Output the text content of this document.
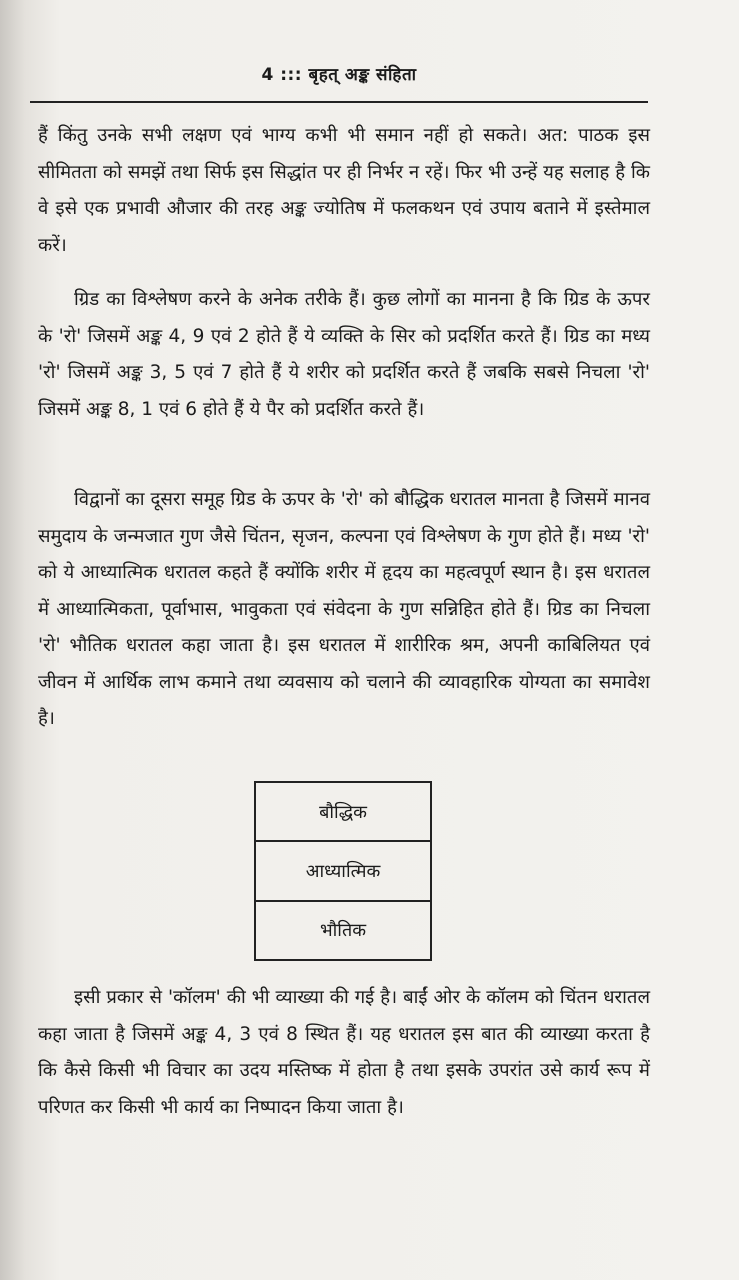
4 ::: बृहत् अङ्क संहिता

हैं किंतु उनके सभी लक्षण एवं भाग्य कभी भी समान नहीं हो सकते। अत: पाठक इस सीमितता को समझें तथा सिर्फ इस सिद्धांत पर ही निर्भर न रहें। फिर भी उन्हें यह सलाह है कि वे इसे एक प्रभावी औजार की तरह अङ्क ज्योतिष में फलकथन एवं उपाय बताने में इस्तेमाल करें।

ग्रिड का विश्लेषण करने के अनेक तरीके हैं। कुछ लोगों का मानना है कि ग्रिड के ऊपर के 'रो' जिसमें अङ्क 4, 9 एवं 2 होते हैं ये व्यक्ति के सिर को प्रदर्शित करते हैं। ग्रिड का मध्य 'रो' जिसमें अङ्क 3, 5 एवं 7 होते हैं ये शरीर को प्रदर्शित करते हैं जबकि सबसे निचला 'रो' जिसमें अङ्क 8, 1 एवं 6 होते हैं ये पैर को प्रदर्शित करते हैं।

विद्वानों का दूसरा समूह ग्रिड के ऊपर के 'रो' को बौद्धिक धरातल मानता है जिसमें मानव समुदाय के जन्मजात गुण जैसे चिंतन, सृजन, कल्पना एवं विश्लेषण के गुण होते हैं। मध्य 'रो' को ये आध्यात्मिक धरातल कहते हैं क्योंकि शरीर में हृदय का महत्वपूर्ण स्थान है। इस धरातल में आध्यात्मिकता, पूर्वाभास, भावुकता एवं संवेदना के गुण सन्निहित होते हैं। ग्रिड का निचला 'रो' भौतिक धरातल कहा जाता है। इस धरातल में शारीरिक श्रम, अपनी काबिलियत एवं जीवन में आर्थिक लाभ कमाने तथा व्यवसाय को चलाने की व्यावहारिक योग्यता का समावेश है।

बौद्धिक
आध्यात्मिक
भौतिक

इसी प्रकार से 'कॉलम' की भी व्याख्या की गई है। बाईं ओर के कॉलम को चिंतन धरातल कहा जाता है जिसमें अङ्क 4, 3 एवं 8 स्थित हैं। यह धरातल इस बात की व्याख्या करता है कि कैसे किसी भी विचार का उदय मस्तिष्क में होता है तथा इसके उपरांत उसे कार्य रूप में परिणत कर किसी भी कार्य का निष्पादन किया जाता है।
